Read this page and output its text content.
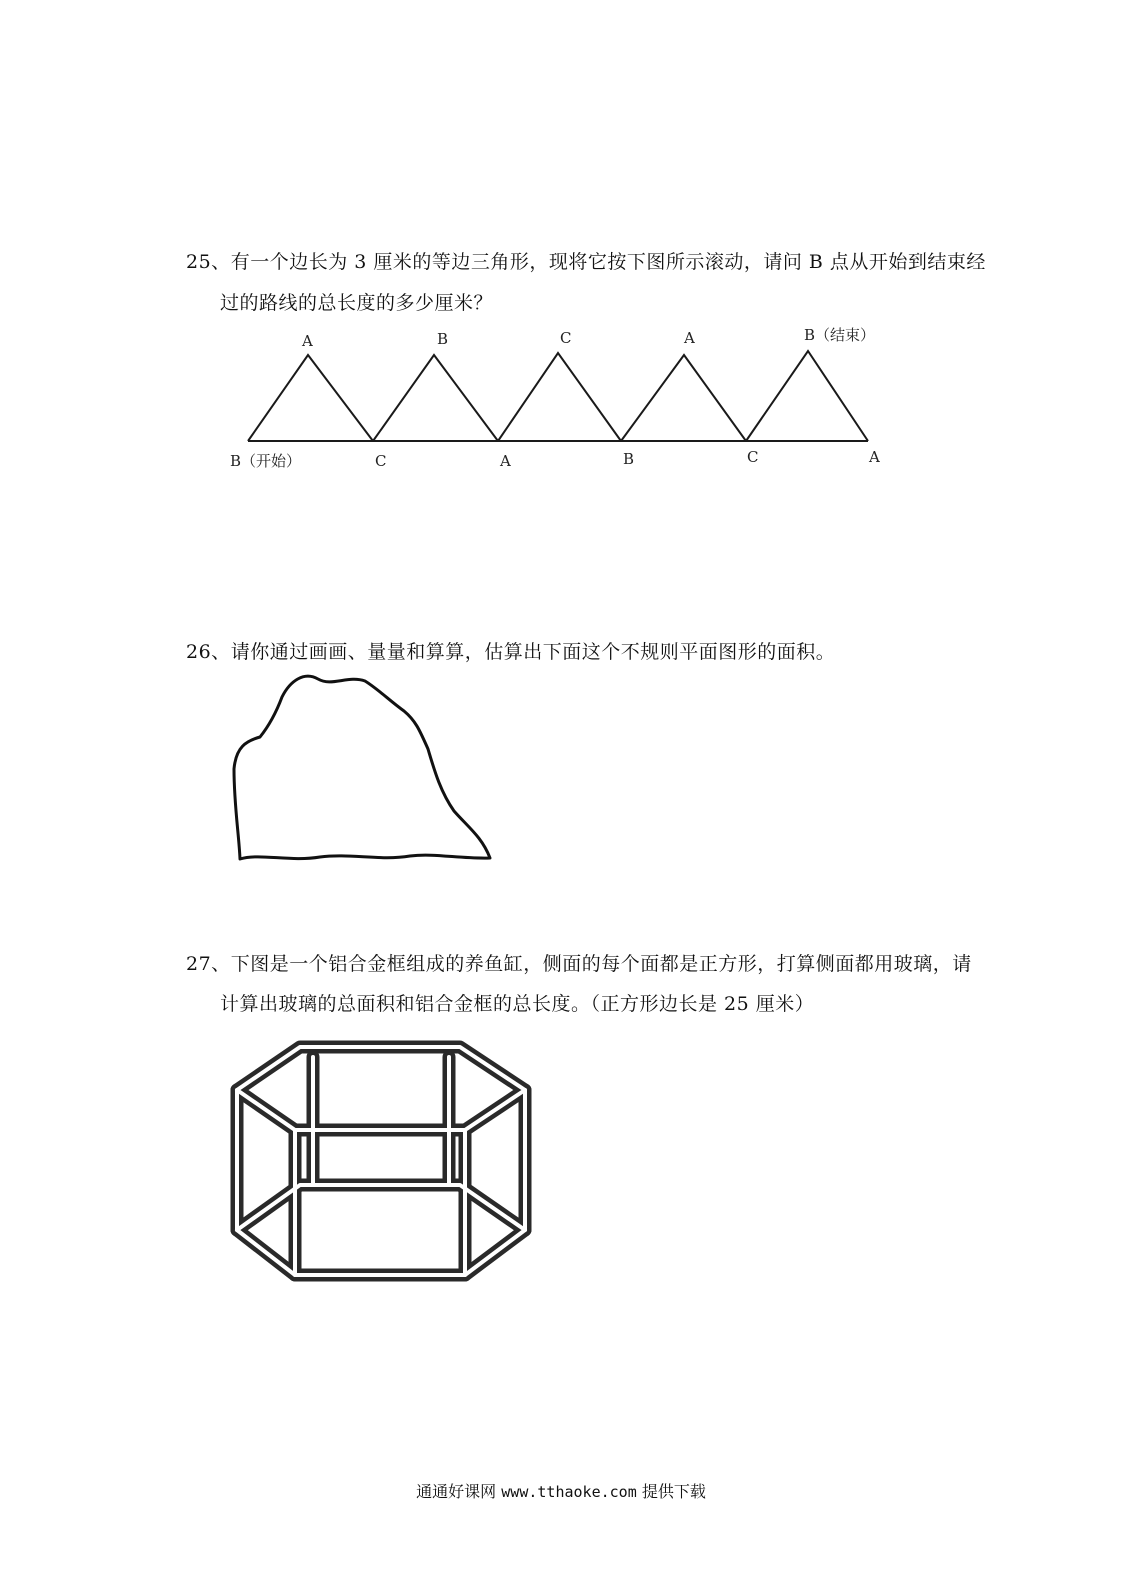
25、有一个边长为 3 厘米的等边三角形，现将它按下图所示滚动，请问 B 点从开始到结束经
过的路线的总长度的多少厘米？
A	B	C	A	B（结束）
B（开始）	C	A	B	C	A
26、请你通过画画、量量和算算，估算出下面这个不规则平面图形的面积。
27、下图是一个铝合金框组成的养鱼缸，侧面的每个面都是正方形，打算侧面都用玻璃，请
计算出玻璃的总面积和铝合金框的总长度。（正方形边长是 25 厘米）
通通好课网 www.tthaoke.com 提供下载
